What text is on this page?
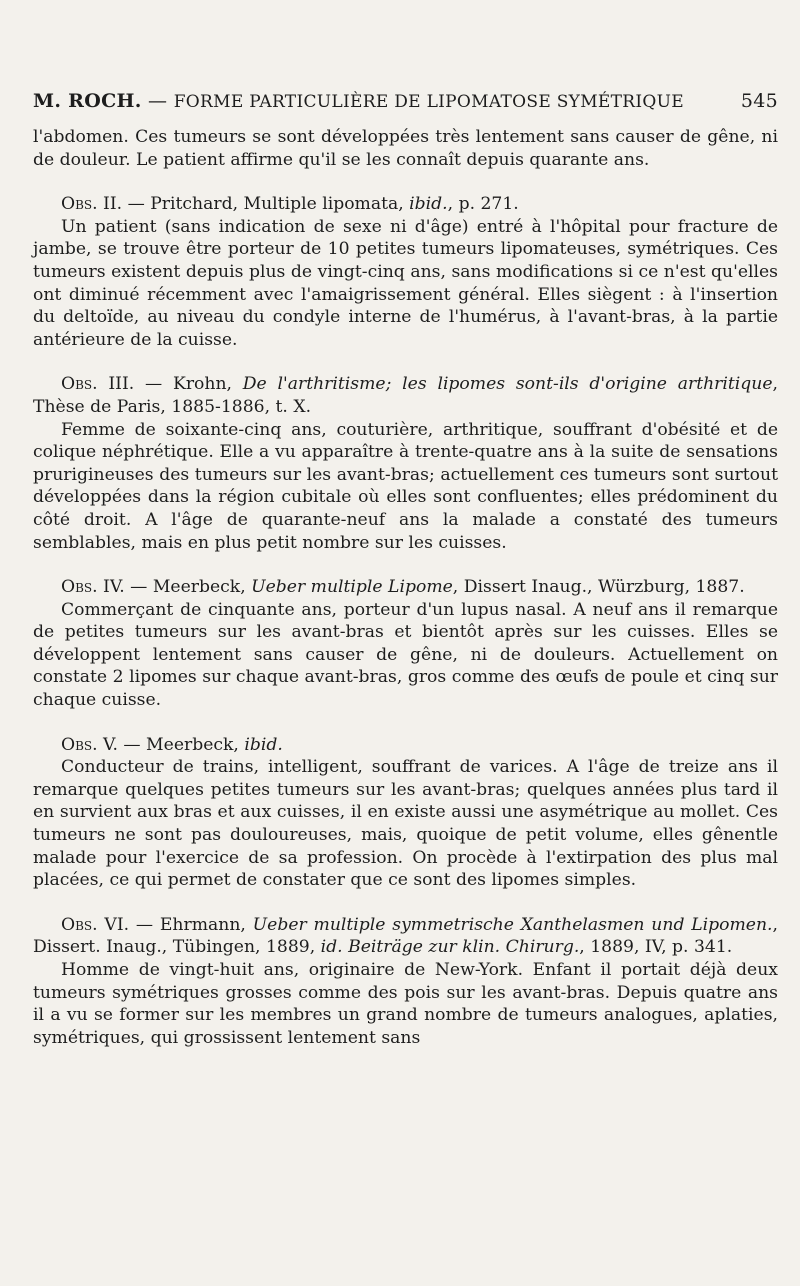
M. ROCH. — FORME PARTICULIÈRE DE LIPOMATOSE SYMÉTRIQUE	545

l'abdomen. Ces tumeurs se sont développées très lentement sans causer de gêne, ni de douleur. Le patient affirme qu'il se les connaît depuis quarante ans.

Obs. II. — Pritchard, Multiple lipomata, ibid., p. 271.

Un patient (sans indication de sexe ni d'âge) entré à l'hôpital pour fracture de jambe, se trouve être porteur de 10 petites tumeurs lipomateuses, symétriques. Ces tumeurs existent depuis plus de vingt-cinq ans, sans modifications si ce n'est qu'elles ont diminué récemment avec l'amaigrissement général. Elles siègent : à l'insertion du deltoïde, au niveau du condyle interne de l'humérus, à l'avant-bras, à la partie antérieure de la cuisse.

Obs. III. — Krohn, De l'arthritisme; les lipomes sont-ils d'origine arthritique, Thèse de Paris, 1885-1886, t. X.

Femme de soixante-cinq ans, couturière, arthritique, souffrant d'obésité et de colique néphrétique. Elle a vu apparaître à trente-quatre ans à la suite de sensations prurigineuses des tumeurs sur les avant-bras; actuellement ces tumeurs sont surtout développées dans la région cubitale où elles sont confluentes; elles prédominent du côté droit. A l'âge de quarante-neuf ans la malade a constaté des tumeurs semblables, mais en plus petit nombre sur les cuisses.

Obs. IV. — Meerbeck, Ueber multiple Lipome, Dissert Inaug., Würzburg, 1887.

Commerçant de cinquante ans, porteur d'un lupus nasal. A neuf ans il remarque de petites tumeurs sur les avant-bras et bientôt après sur les cuisses. Elles se développent lentement sans causer de gêne, ni de douleurs. Actuellement on constate 2 lipomes sur chaque avant-bras, gros comme des œufs de poule et cinq sur chaque cuisse.

Obs. V. — Meerbeck, ibid.

Conducteur de trains, intelligent, souffrant de varices. A l'âge de treize ans il remarque quelques petites tumeurs sur les avant-bras; quelques années plus tard il en survient aux bras et aux cuisses, il en existe aussi une asymétrique au mollet. Ces tumeurs ne sont pas douloureuses, mais, quoique de petit volume, elles gênentle malade pour l'exercice de sa profession. On procède à l'extirpation des plus mal placées, ce qui permet de constater que ce sont des lipomes simples.

Obs. VI. — Ehrmann, Ueber multiple symmetrische Xanthelasmen und Lipomen., Dissert. Inaug., Tübingen, 1889, id. Beiträge zur klin. Chirurg., 1889, IV, p. 341.

Homme de vingt-huit ans, originaire de New-York. Enfant il portait déjà deux tumeurs symétriques grosses comme des pois sur les avant-bras. Depuis quatre ans il a vu se former sur les membres un grand nombre de tumeurs analogues, aplaties, symétriques, qui grossissent lentement sans
